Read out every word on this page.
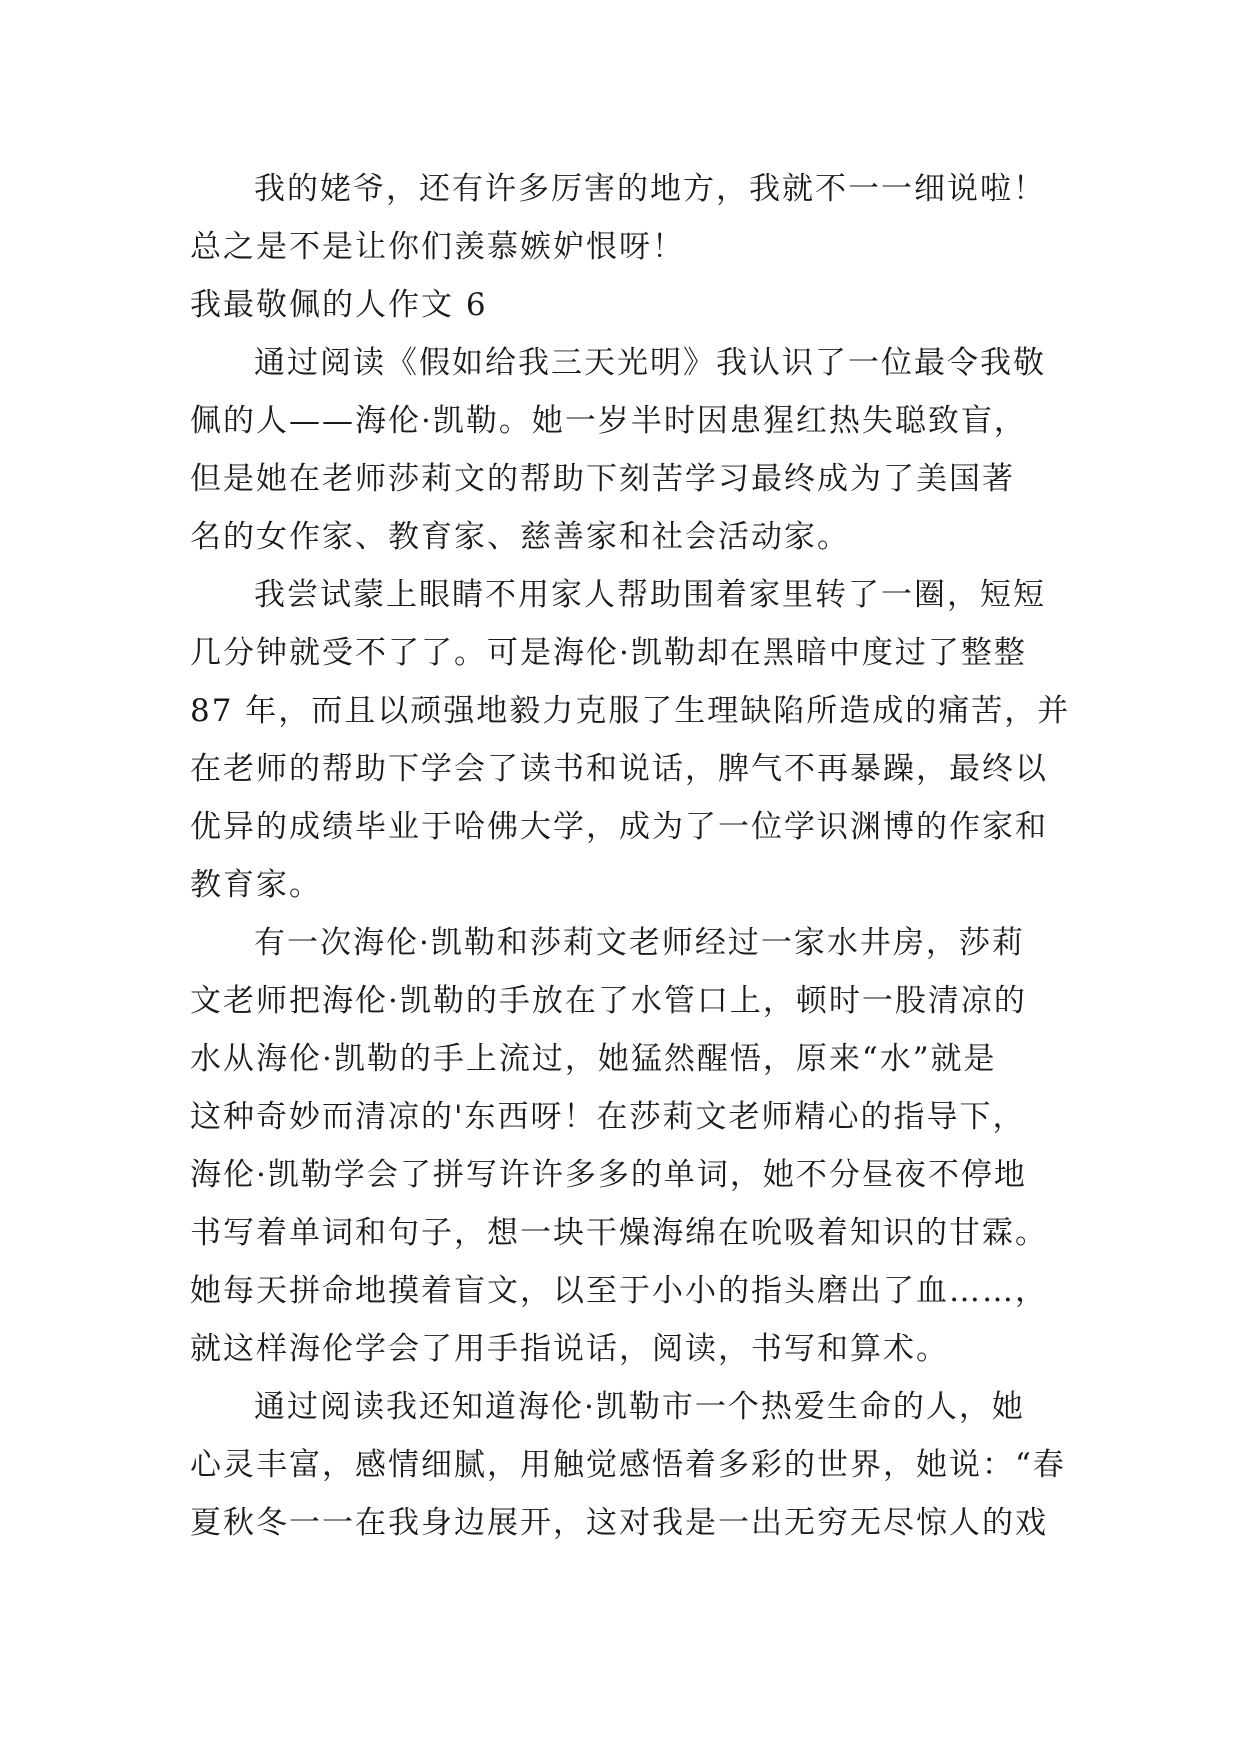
我的姥爷，还有许多厉害的地方，我就不一一细说啦！
总之是不是让你们羡慕嫉妒恨呀！
我最敬佩的人作文 6
通过阅读《假如给我三天光明》我认识了一位最令我敬
佩的人——海伦·凯勒。她一岁半时因患猩红热失聪致盲，
但是她在老师莎莉文的帮助下刻苦学习最终成为了美国著
名的女作家、教育家、慈善家和社会活动家。
我尝试蒙上眼睛不用家人帮助围着家里转了一圈，短短
几分钟就受不了了。可是海伦·凯勒却在黑暗中度过了整整
87 年，而且以顽强地毅力克服了生理缺陷所造成的痛苦，并
在老师的帮助下学会了读书和说话，脾气不再暴躁，最终以
优异的成绩毕业于哈佛大学，成为了一位学识渊博的作家和
教育家。
有一次海伦·凯勒和莎莉文老师经过一家水井房，莎莉
文老师把海伦·凯勒的手放在了水管口上，顿时一股清凉的
水从海伦·凯勒的手上流过，她猛然醒悟，原来“水”就是
这种奇妙而清凉的'东西呀！在莎莉文老师精心的指导下，
海伦·凯勒学会了拼写许许多多的单词，她不分昼夜不停地
书写着单词和句子，想一块干燥海绵在吮吸着知识的甘霖。
她每天拼命地摸着盲文，以至于小小的指头磨出了血……，
就这样海伦学会了用手指说话，阅读，书写和算术。
通过阅读我还知道海伦·凯勒市一个热爱生命的人，她
心灵丰富，感情细腻，用触觉感悟着多彩的世界，她说：“春
夏秋冬一一在我身边展开，这对我是一出无穷无尽惊人的戏
